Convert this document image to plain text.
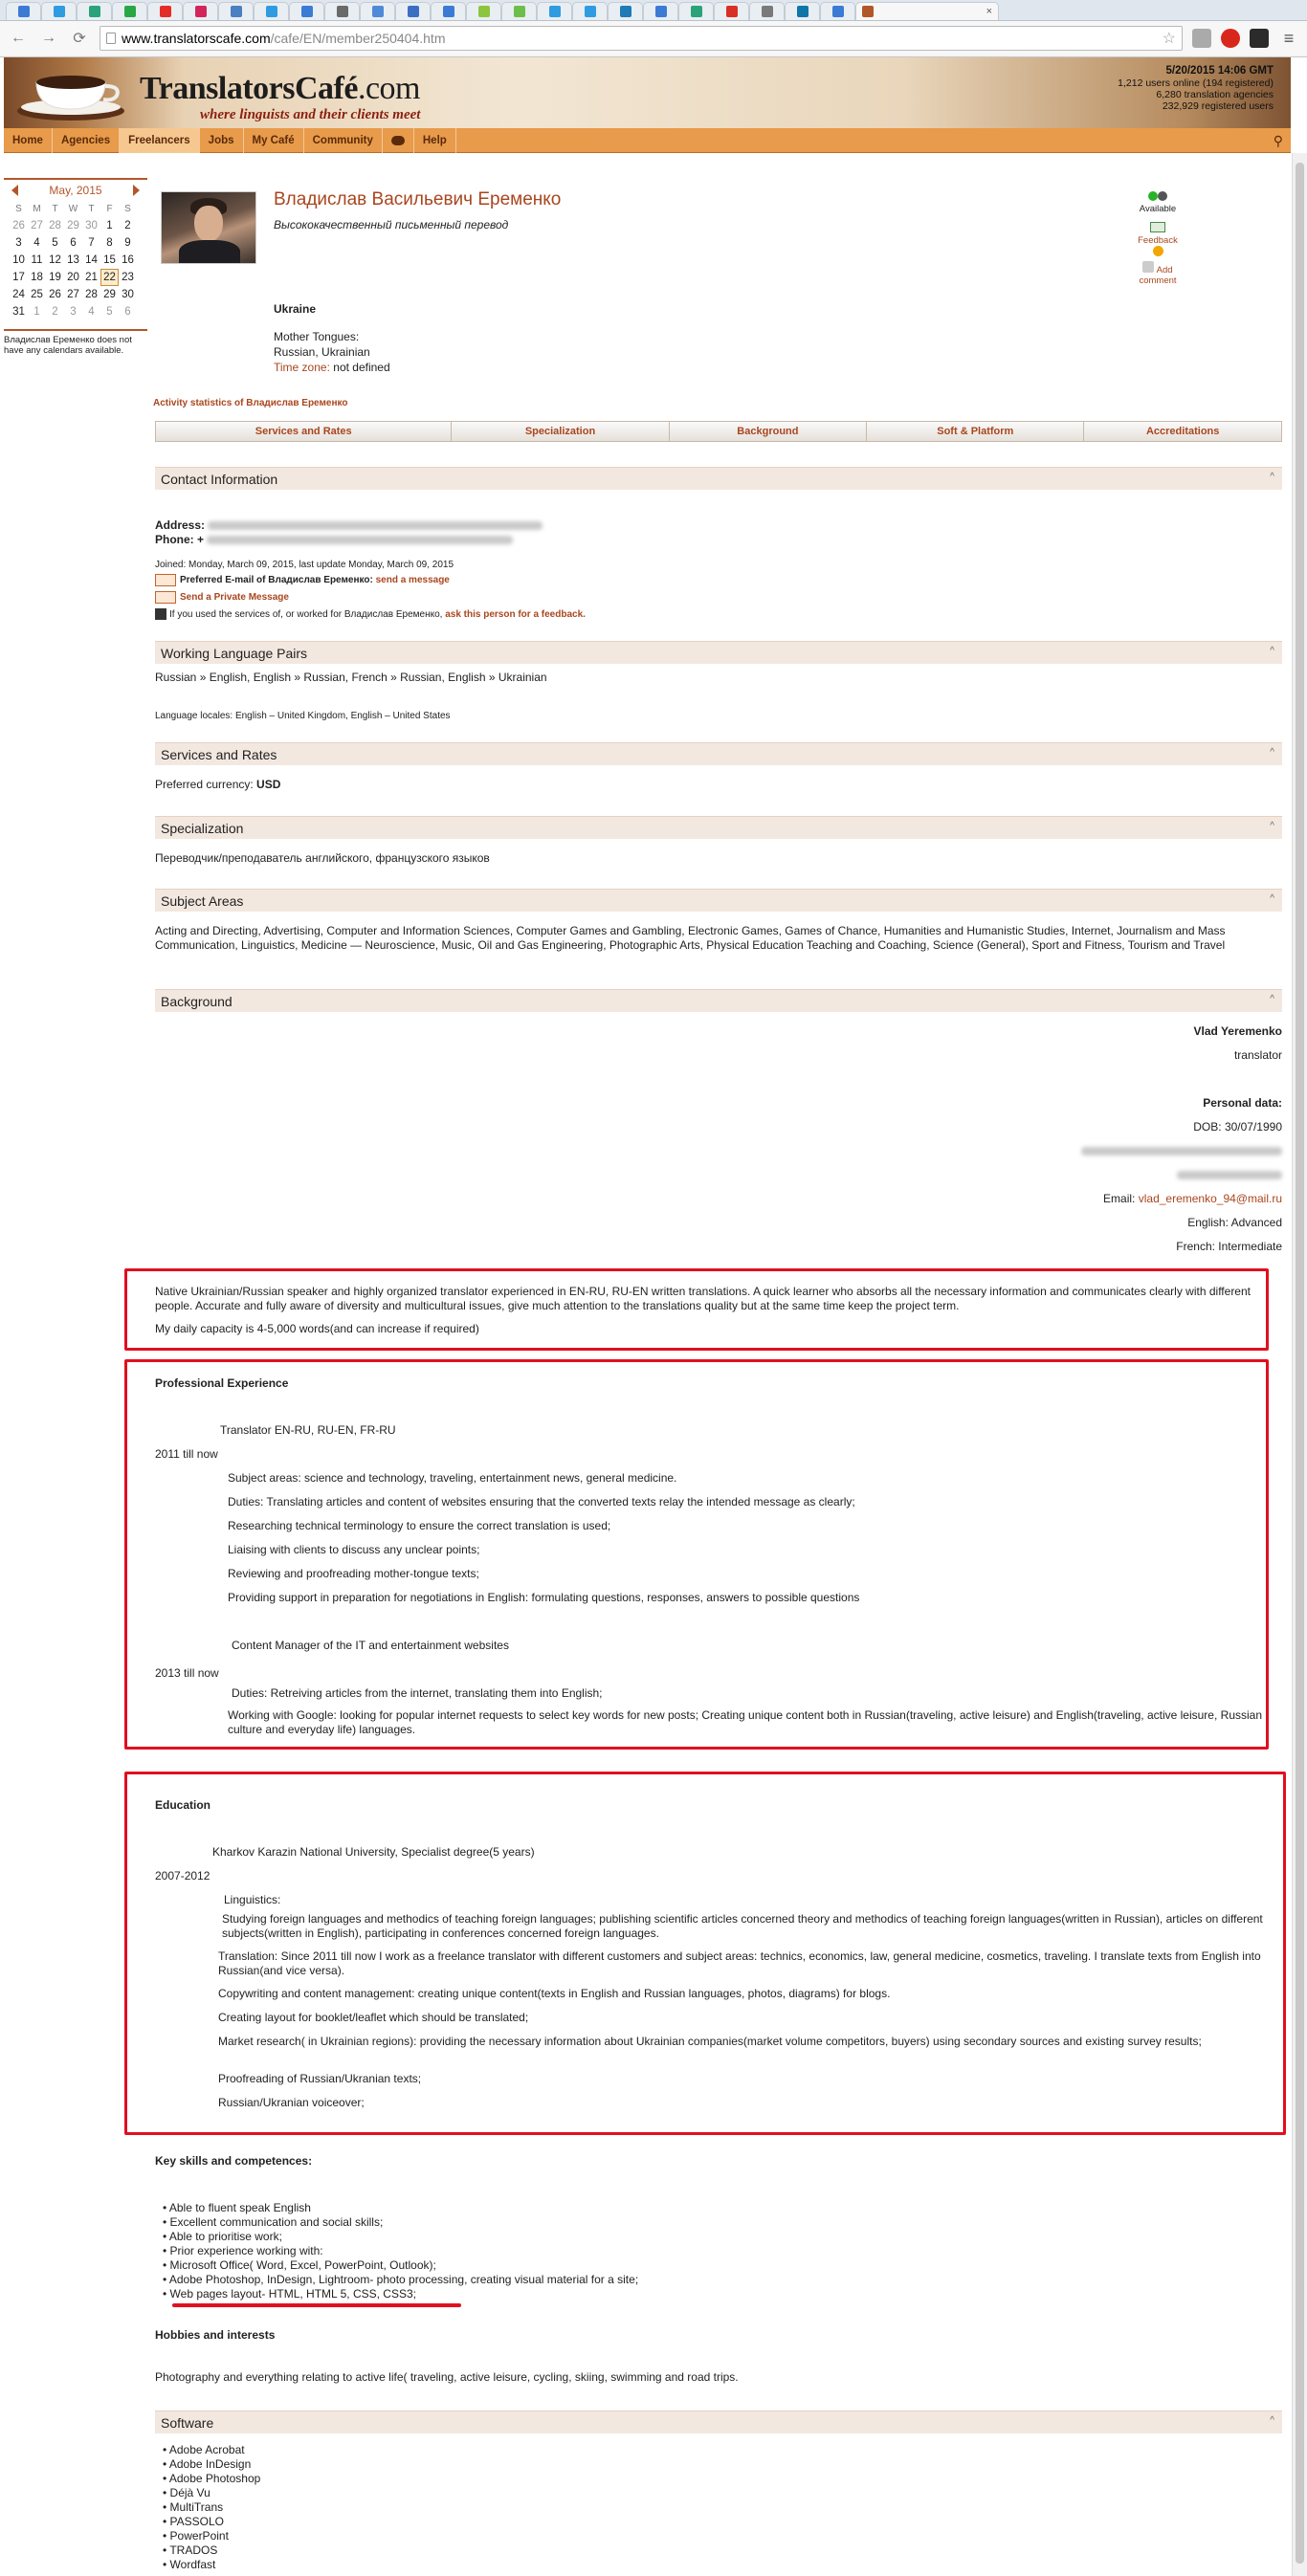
×
← → ⟳	www.translatorscafe.com/cafe/EN/member250404.htm	☆	≡
TranslatorsCafé.com
where linguists and their clients meet
5/20/2015 14:06 GMT
1,212 users online (194 registered)
6,280 translation agencies
232,929 registered users
Home	Agencies	Freelancers	Jobs	My Café	Community	Help	⚲
May, 2015
S	M	T	W	T	F	S
26 27 28 29 30 1	2
3	4	5	6	7	8	9
10 11 12 13 14 15 16
17 18 19 20 21 22 23
24 25 26 27 28 29 30
31 1	2	3	4	5	6
Владислав Еременко does not have any calendars available.
Владислав Васильевич Еременко
Высококачественный письменный перевод
Available
Feedback
Add comment
Ukraine
Mother Tongues:
Russian, Ukrainian
Time zone: not defined
Activity statistics of Владислав Еременко
Services and Rates	Specialization	Background	Soft & Platform	Accreditations
Contact Information	^
Address:
Phone: +
Joined: Monday, March 09, 2015, last update Monday, March 09, 2015
Preferred E-mail of Владислав Еременко: send a message
Send a Private Message
If you used the services of, or worked for Владислав Еременко, ask this person for a feedback.
Working Language Pairs	^
Russian » English, English » Russian, French » Russian, English » Ukrainian
Language locales: English – United Kingdom, English – United States
Services and Rates	^
Preferred currency: USD
Specialization	^
Переводчик/преподаватель английского, французского языков
Subject Areas	^
Acting and Directing, Advertising, Computer and Information Sciences, Computer Games and Gambling, Electronic Games, Games of Chance, Humanities and Humanistic Studies, Internet, Journalism and Mass Communication, Linguistics, Medicine — Neuroscience, Music, Oil and Gas Engineering, Photographic Arts, Physical Education Teaching and Coaching, Science (General), Sport and Fitness, Tourism and Travel
Background	^
Vlad Yeremenko
translator
Personal data:
DOB: 30/07/1990
Email: vlad_eremenko_94@mail.ru
English: Advanced
French: Intermediate
Native Ukrainian/Russian speaker and highly organized translator experienced in EN-RU, RU-EN written translations. A quick learner who absorbs all the necessary information and communicates clearly with different people. Accurate and fully aware of diversity and multicultural issues, give much attention to the translations quality but at the same time keep the project term.
My daily capacity is 4-5,000 words(and can increase if required)
Professional Experience
Translator EN-RU, RU-EN, FR-RU
2011 till now
Subject areas: science and technology, traveling, entertainment news, general medicine.
Duties: Translating articles and content of websites ensuring that the converted texts relay the intended message as clearly;
Researching technical terminology to ensure the correct translation is used;
Liaising with clients to discuss any unclear points;
Reviewing and proofreading mother-tongue texts;
Providing support in preparation for negotiations in English: formulating questions, responses, answers to possible questions
Content Manager of the IT and entertainment websites
2013 till now
Duties: Retreiving articles from the internet, translating them into English;
Working with Google: looking for popular internet requests to select key words for new posts; Creating unique content both in Russian(traveling, active leisure) and English(traveling, active leisure, Russian culture and everyday life) languages.
Education
Kharkov Karazin National University, Specialist degree(5 years)
2007-2012
Linguistics:
Studying foreign languages and methodics of teaching foreign languages; publishing scientific articles concerned theory and methodics of teaching foreign languages(written in Russian), articles on different subjects(written in English), participating in conferences concerned foreign languages.
Translation: Since 2011 till now I work as a freelance translator with different customers and subject areas: technics, economics, law, general medicine, cosmetics, traveling. I translate texts from English into Russian(and vice versa).
Copywriting and content management: creating unique content(texts in English and Russian languages, photos, diagrams) for blogs.
Creating layout for booklet/leaflet which should be translated;
Market research( in Ukrainian regions): providing the necessary information about Ukrainian companies(market volume competitors, buyers) using secondary sources and existing survey results;
Proofreading of Russian/Ukranian texts;
Russian/Ukranian voiceover;
Key skills and competences:
• Able to fluent speak English
• Excellent communication and social skills;
• Able to prioritise work;
• Prior experience working with:
• Microsoft Office( Word, Excel, PowerPoint, Outlook);
• Adobe Photoshop, InDesign, Lightroom- photo processing, creating visual material for a site;
• Web pages layout- HTML, HTML 5, CSS, CSS3;
Hobbies and interests
Photography and everything relating to active life( traveling, active leisure, cycling, skiing, swimming and road trips.
Software	^
• Adobe Acrobat
• Adobe InDesign
• Adobe Photoshop
• Déjà Vu
• MultiTrans
• PASSOLO
• PowerPoint
• TRADOS
• Wordfast
